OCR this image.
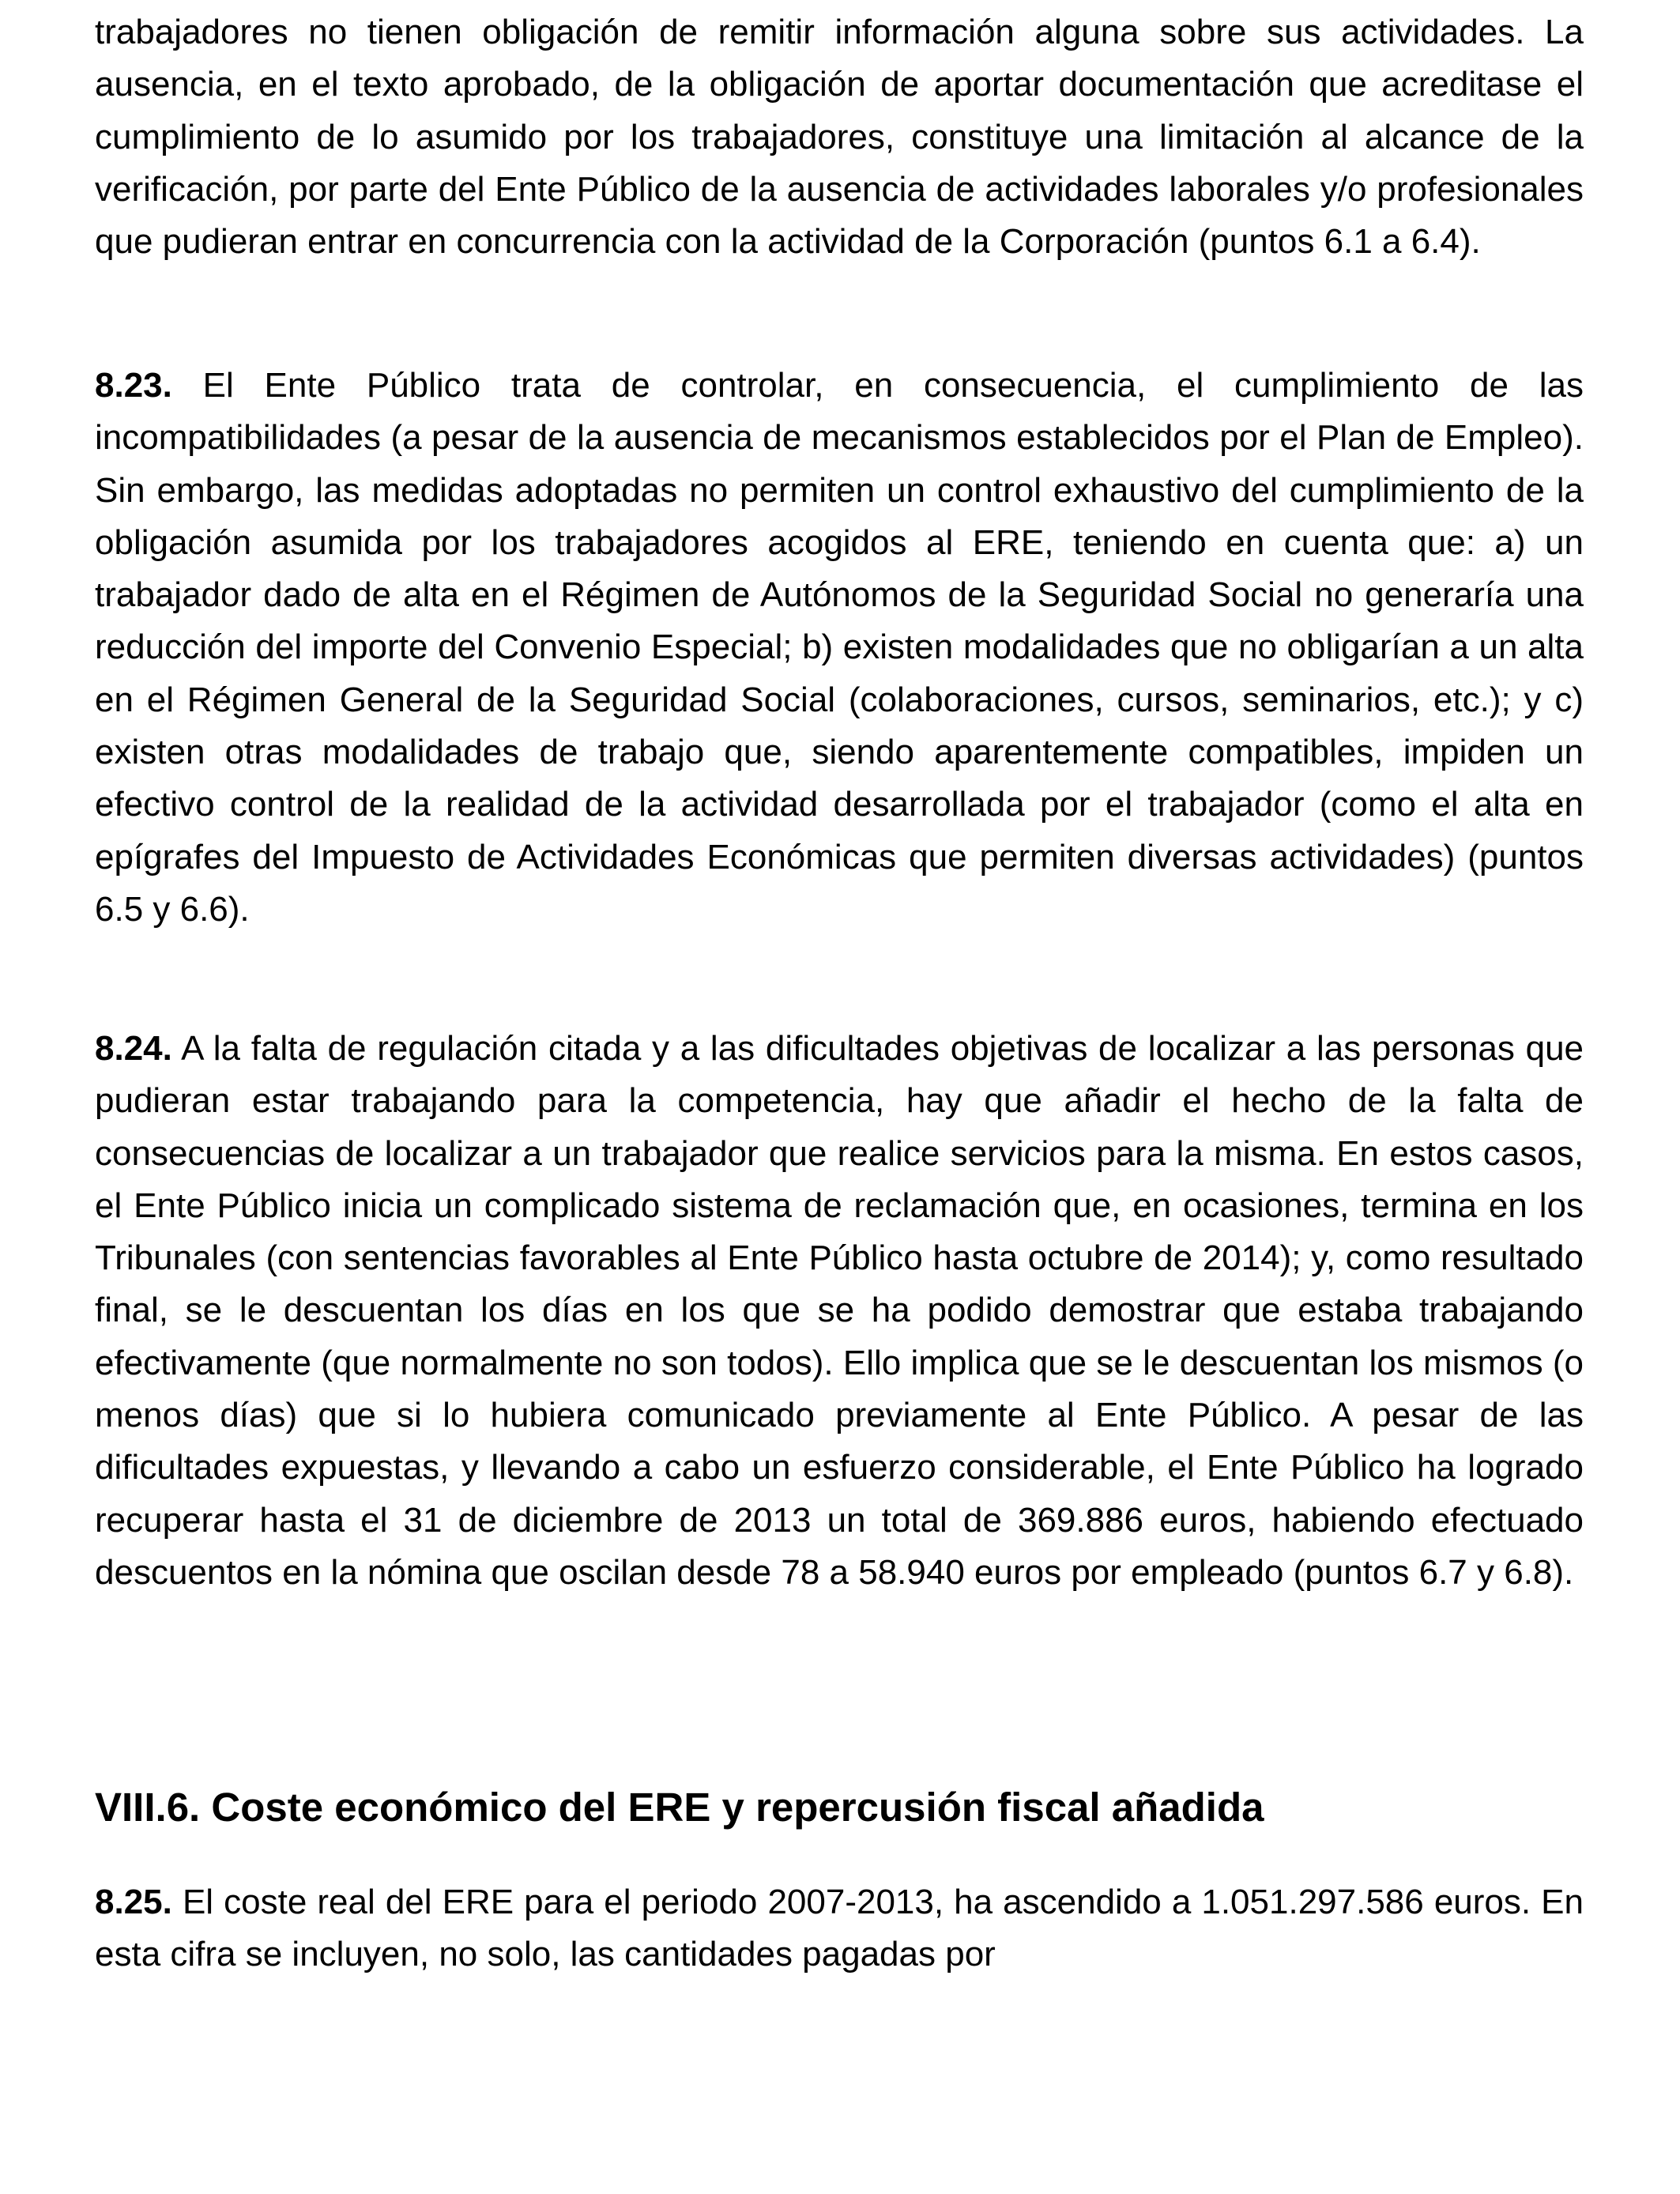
trabajadores no tienen obligación de remitir información alguna sobre sus actividades. La ausencia, en el texto aprobado, de la obligación de aportar documentación que acreditase el cumplimiento de lo asumido por los trabajadores, constituye una limitación al alcance de la verificación, por parte del Ente Público de la ausencia de actividades laborales y/o profesionales que pudieran entrar en concurrencia con la actividad de la Corporación (puntos 6.1 a 6.4).

8.23. El Ente Público trata de controlar, en consecuencia, el cumplimiento de las incompatibilidades (a pesar de la ausencia de mecanismos establecidos por el Plan de Empleo). Sin embargo, las medidas adoptadas no permiten un control exhaustivo del cumplimiento de la obligación asumida por los trabajadores acogidos al ERE, teniendo en cuenta que: a) un trabajador dado de alta en el Régimen de Autónomos de la Seguridad Social no generaría una reducción del importe del Convenio Especial; b) existen modalidades que no obligarían a un alta en el Régimen General de la Seguridad Social (colaboraciones, cursos, seminarios, etc.); y c) existen otras modalidades de trabajo que, siendo aparentemente compatibles, impiden un efectivo control de la realidad de la actividad desarrollada por el trabajador (como el alta en epígrafes del Impuesto de Actividades Económicas que permiten diversas actividades) (puntos 6.5 y 6.6).

8.24. A la falta de regulación citada y a las dificultades objetivas de localizar a las personas que pudieran estar trabajando para la competencia, hay que añadir el hecho de la falta de consecuencias de localizar a un trabajador que realice servicios para la misma. En estos casos, el Ente Público inicia un complicado sistema de reclamación que, en ocasiones, termina en los Tribunales (con sentencias favorables al Ente Público hasta octubre de 2014); y, como resultado final, se le descuentan los días en los que se ha podido demostrar que estaba trabajando efectivamente (que normalmente no son todos). Ello implica que se le descuentan los mismos (o menos días) que si lo hubiera comunicado previamente al Ente Público. A pesar de las dificultades expuestas, y llevando a cabo un esfuerzo considerable, el Ente Público ha logrado recuperar hasta el 31 de diciembre de 2013 un total de 369.886 euros, habiendo efectuado descuentos en la nómina que oscilan desde 78 a 58.940 euros por empleado (puntos 6.7 y 6.8).

VIII.6. Coste económico del ERE y repercusión fiscal añadida

8.25. El coste real del ERE para el periodo 2007-2013, ha ascendido a 1.051.297.586 euros. En esta cifra se incluyen, no solo, las cantidades pagadas por
